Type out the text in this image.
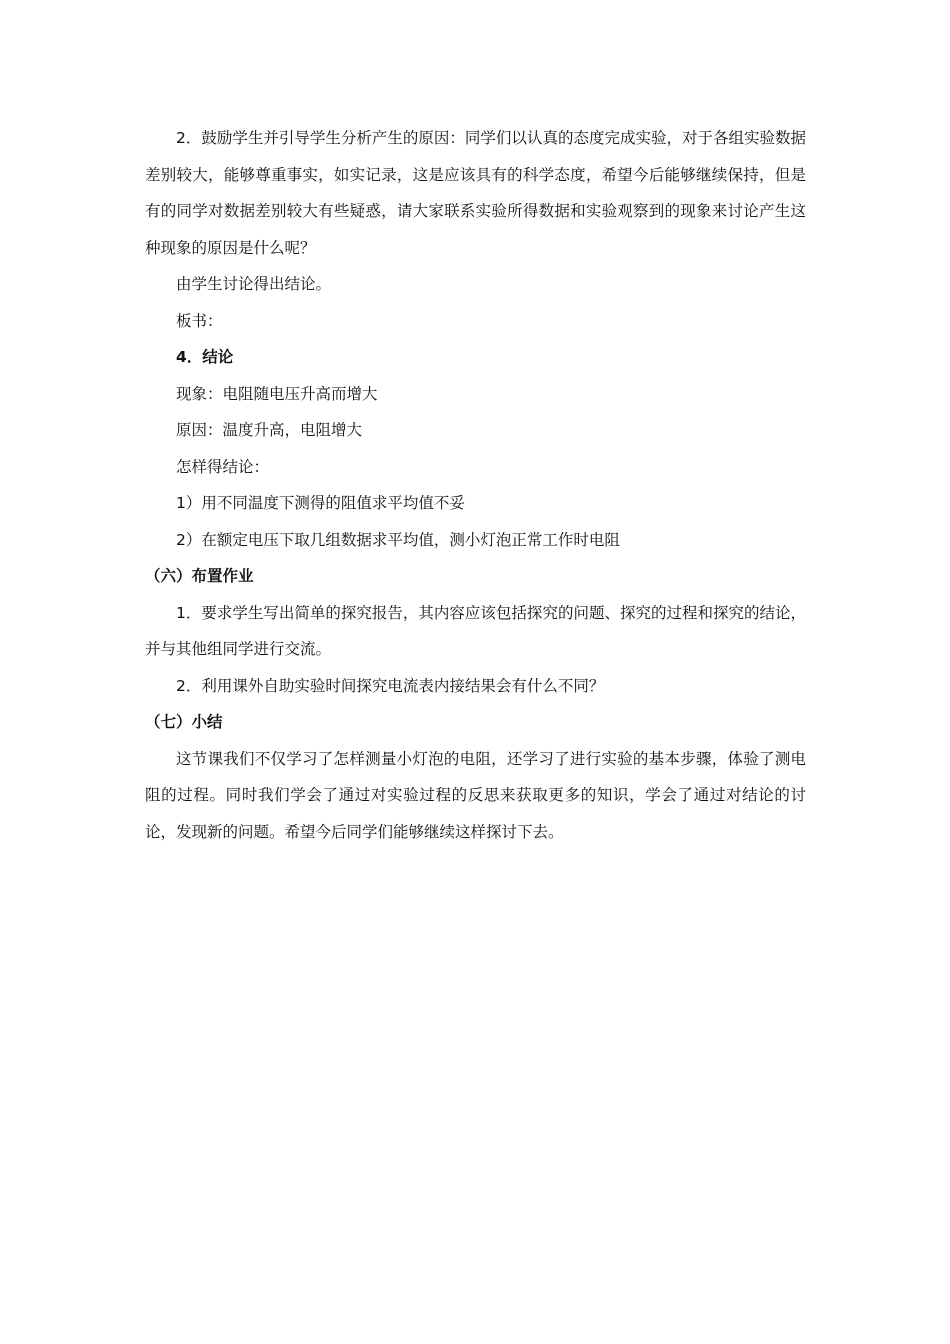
2．鼓励学生并引导学生分析产生的原因：同学们以认真的态度完成实验，对于各组实验数据差别较大，能够尊重事实，如实记录，这是应该具有的科学态度，希望今后能够继续保持，但是有的同学对数据差别较大有些疑惑，请大家联系实验所得数据和实验观察到的现象来讨论产生这种现象的原因是什么呢？

由学生讨论得出结论。

板书：

4．结论

现象：电阻随电压升高而增大

原因：温度升高，电阻增大

怎样得结论：

1）用不同温度下测得的阻值求平均值不妥

2）在额定电压下取几组数据求平均值，测小灯泡正常工作时电阻

（六）布置作业

1．要求学生写出简单的探究报告，其内容应该包括探究的问题、探究的过程和探究的结论，并与其他组同学进行交流。

2．利用课外自助实验时间探究电流表内接结果会有什么不同？

（七）小结

这节课我们不仅学习了怎样测量小灯泡的电阻，还学习了进行实验的基本步骤，体验了测电阻的过程。同时我们学会了通过对实验过程的反思来获取更多的知识，学会了通过对结论的讨论，发现新的问题。希望今后同学们能够继续这样探讨下去。
